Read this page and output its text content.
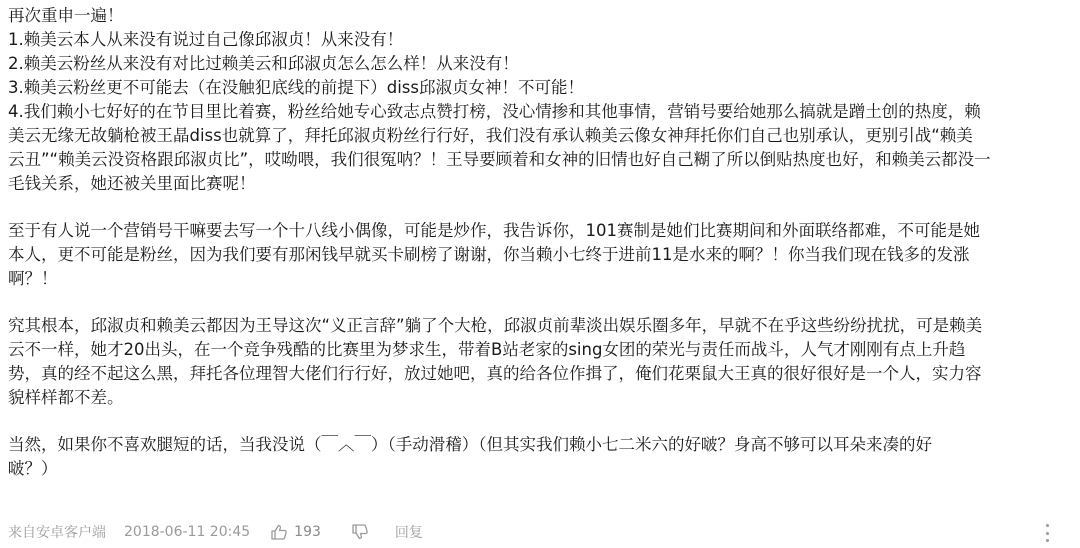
再次重申一遍！
1.赖美云本人从来没有说过自己像邱淑贞！从来没有！
2.赖美云粉丝从来没有对比过赖美云和邱淑贞怎么怎么样！从来没有！
3.赖美云粉丝更不可能去（在没触犯底线的前提下）diss邱淑贞女神！不可能！
4.我们赖小七好好的在节目里比着赛，粉丝给她专心致志点赞打榜，没心情掺和其他事情，营销号要给她那么搞就是蹭土创的热度，赖
美云无缘无故躺枪被王晶diss也就算了，拜托邱淑贞粉丝行行好，我们没有承认赖美云像女神拜托你们自己也别承认，更别引战“赖美
云丑”“赖美云没资格跟邱淑贞比”，哎呦喂，我们很冤呐？！王导要顾着和女神的旧情也好自己糊了所以倒贴热度也好，和赖美云都没一
毛钱关系，她还被关里面比赛呢！
至于有人说一个营销号干嘛要去写一个十八线小偶像，可能是炒作，我告诉你，101赛制是她们比赛期间和外面联络都难，不可能是她
本人，更不可能是粉丝，因为我们要有那闲钱早就买卡刷榜了谢谢，你当赖小七终于进前11是水来的啊？！你当我们现在钱多的发涨
啊？！
究其根本，邱淑贞和赖美云都因为王导这次“义正言辞”躺了个大枪，邱淑贞前辈淡出娱乐圈多年，早就不在乎这些纷纷扰扰，可是赖美
云不一样，她才20出头，在一个竞争残酷的比赛里为梦求生，带着B站老家的sing女团的荣光与责任而战斗，人气才刚刚有点上升趋
势，真的经不起这么黑，拜托各位理智大佬们行行好，放过她吧，真的给各位作揖了，俺们花栗鼠大王真的很好很好是一个人，实力容
貌样样都不差。
当然，如果你不喜欢腿短的话，当我没说（￣︿￣）（手动滑稽）（但其实我们赖小七二米六的好啵？身高不够可以耳朵来凑的好
啵？）
来自安卓客户端 2018-06-11 20:45	193	回复
